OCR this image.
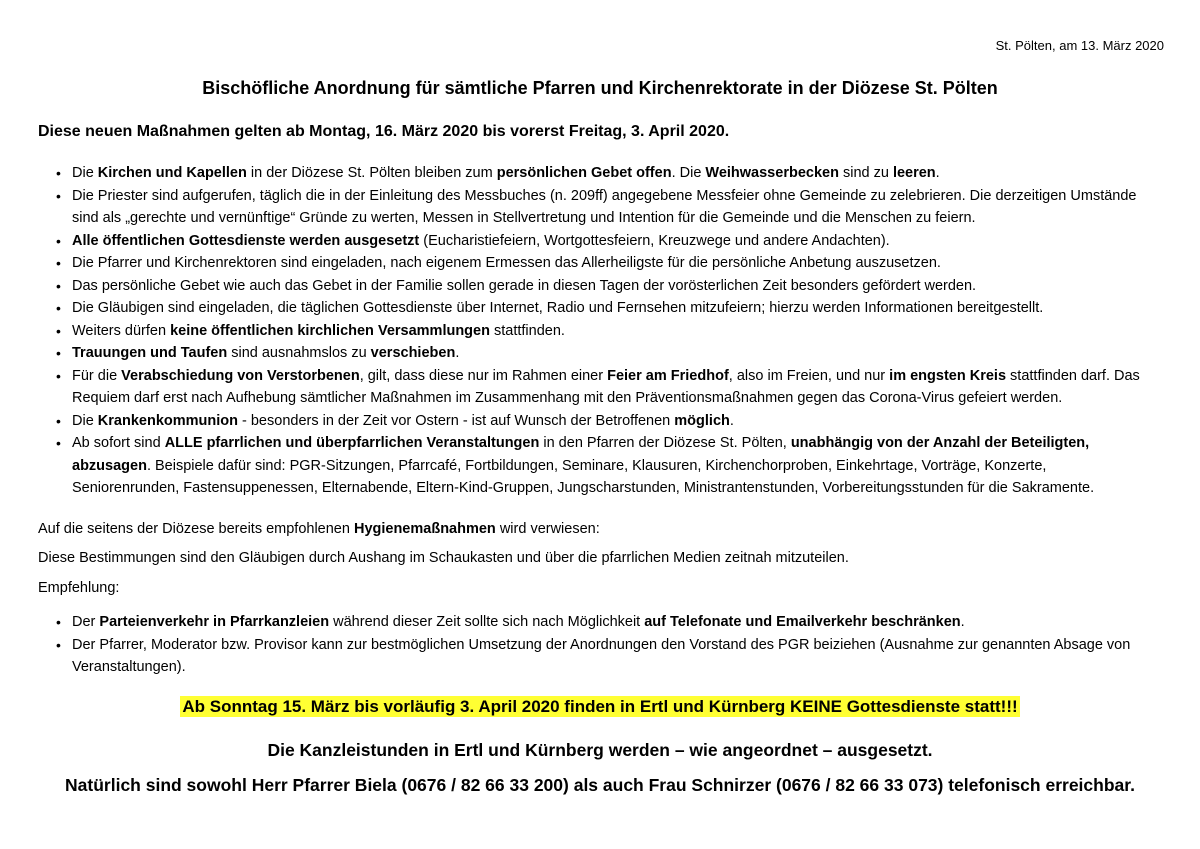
St. Pölten, am 13. März 2020
Bischöfliche Anordnung für sämtliche Pfarren und Kirchenrektorate in der Diözese St. Pölten
Diese neuen Maßnahmen gelten ab Montag, 16. März 2020 bis vorerst Freitag, 3. April 2020.
• Die Kirchen und Kapellen in der Diözese St. Pölten bleiben zum persönlichen Gebet offen. Die Weihwasserbecken sind zu leeren.
• Die Priester sind aufgerufen, täglich die in der Einleitung des Messbuches (n. 209ff) angegebene Messfeier ohne Gemeinde zu zelebrieren. Die derzeitigen Umstände sind als „gerechte und vernünftige“ Gründe zu werten, Messen in Stellvertretung und Intention für die Gemeinde und die Menschen zu feiern.
• Alle öffentlichen Gottesdienste werden ausgesetzt (Eucharistiefeiern, Wortgottesfeiern, Kreuzwege und andere Andachten).
• Die Pfarrer und Kirchenrektoren sind eingeladen, nach eigenem Ermessen das Allerheiligste für die persönliche Anbetung auszusetzen.
• Das persönliche Gebet wie auch das Gebet in der Familie sollen gerade in diesen Tagen der vorösterlichen Zeit besonders gefördert werden.
• Die Gläubigen sind eingeladen, die täglichen Gottesdienste über Internet, Radio und Fernsehen mitzufeiern; hierzu werden Informationen bereitgestellt.
• Weiters dürfen keine öffentlichen kirchlichen Versammlungen stattfinden.
• Trauungen und Taufen sind ausnahmslos zu verschieben.
• Für die Verabschiedung von Verstorbenen, gilt, dass diese nur im Rahmen einer Feier am Friedhof, also im Freien, und nur im engsten Kreis stattfinden darf. Das Requiem darf erst nach Aufhebung sämtlicher Maßnahmen im Zusammenhang mit den Präventionsmaßnahmen gegen das Corona-Virus gefeiert werden.
• Die Krankenkommunion - besonders in der Zeit vor Ostern - ist auf Wunsch der Betroffenen möglich.
• Ab sofort sind ALLE pfarrlichen und überpfarrlichen Veranstaltungen in den Pfarren der Diözese St. Pölten, unabhängig von der Anzahl der Beteiligten, abzusagen. Beispiele dafür sind: PGR-Sitzungen, Pfarrcafé, Fortbildungen, Seminare, Klausuren, Kirchenchorproben, Einkehrtage, Vorträge, Konzerte, Seniorenrunden, Fastensuppenessen, Elternabende, Eltern-Kind-Gruppen, Jungscharstunden, Ministrantenstunden, Vorbereitungsstunden für die Sakramente.
Auf die seitens der Diözese bereits empfohlenen Hygienemaßnahmen wird verwiesen:
Diese Bestimmungen sind den Gläubigen durch Aushang im Schaukasten und über die pfarrlichen Medien zeitnah mitzuteilen.
Empfehlung:
• Der Parteienverkehr in Pfarrkanzleien während dieser Zeit sollte sich nach Möglichkeit auf Telefonate und Emailverkehr beschränken.
• Der Pfarrer, Moderator bzw. Provisor kann zur bestmöglichen Umsetzung der Anordnungen den Vorstand des PGR beiziehen (Ausnahme zur genannten Absage von Veranstaltungen).
Ab Sonntag 15. März bis vorläufig 3. April 2020 finden in Ertl und Kürnberg KEINE Gottesdienste statt!!!
Die Kanzleistunden in Ertl und Kürnberg werden – wie angeordnet – ausgesetzt.
Natürlich sind sowohl Herr Pfarrer Biela (0676 / 82 66 33 200) als auch Frau Schnirzer (0676 / 82 66 33 073) telefonisch erreichbar.
